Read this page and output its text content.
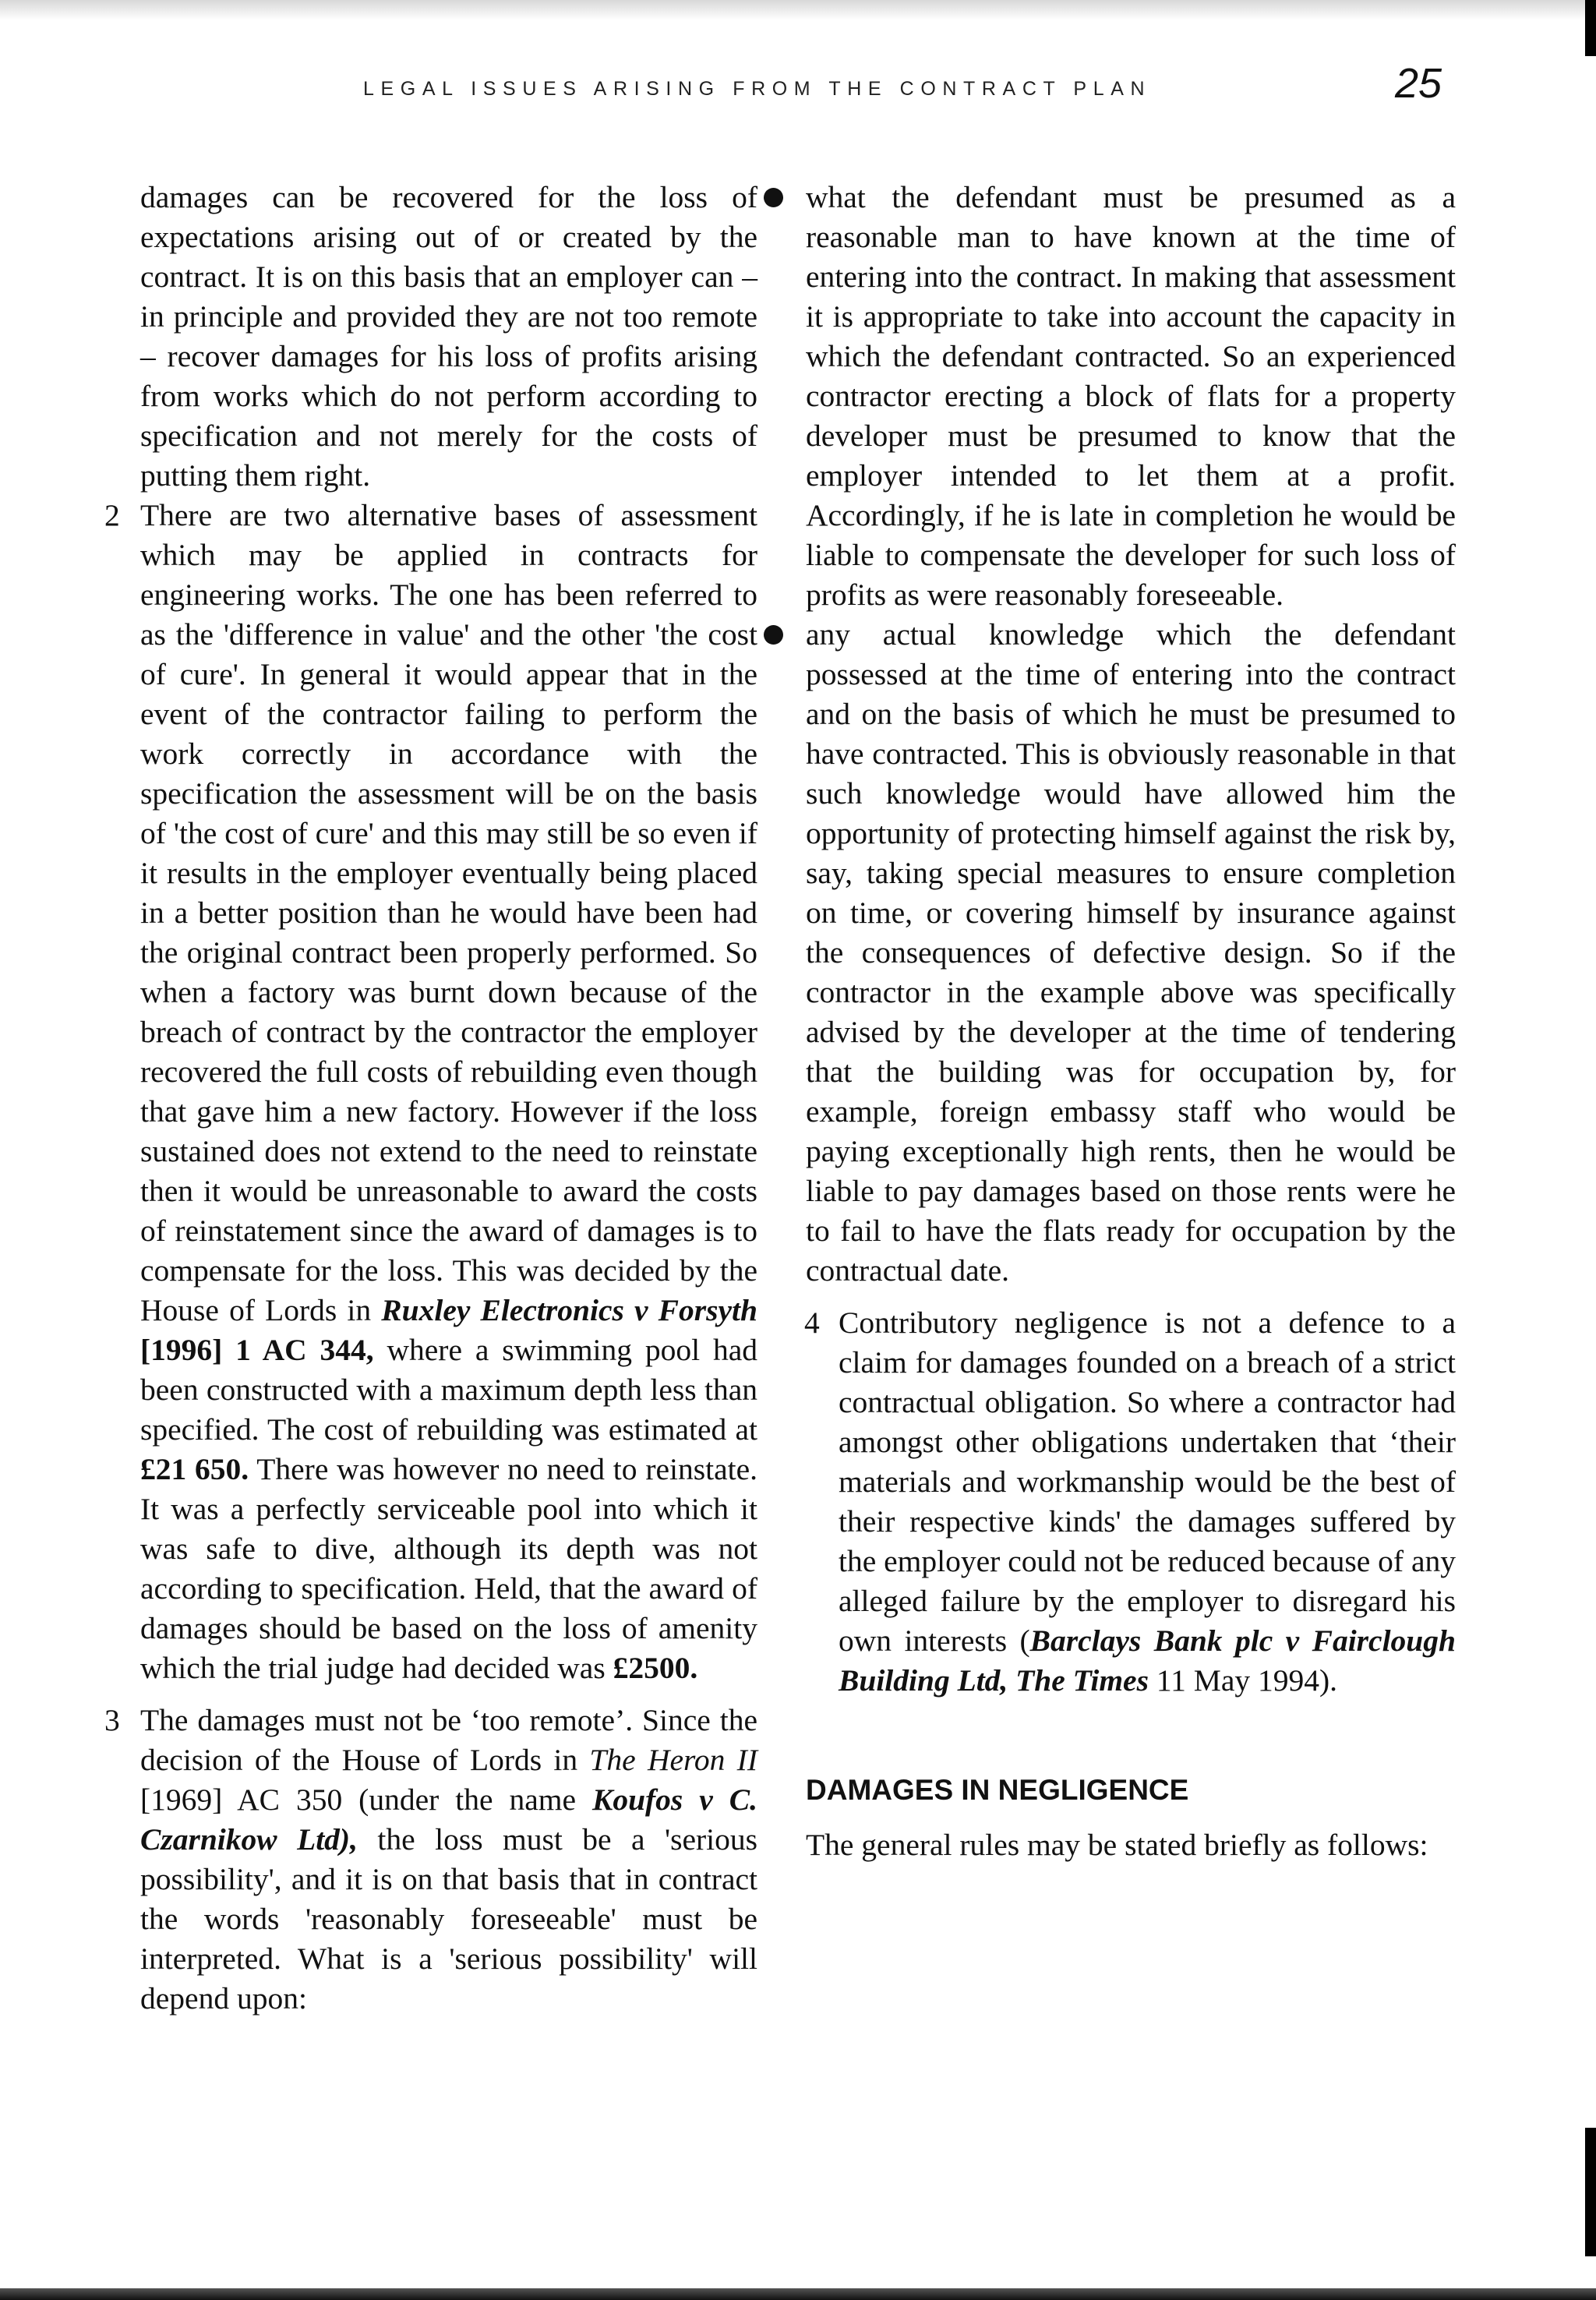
LEGAL ISSUES ARISING FROM THE CONTRACT PLAN	25

damages can be recovered for the loss of expectations arising out of or created by the contract. It is on this basis that an employer can – in principle and provided they are not too remote – recover damages for his loss of profits arising from works which do not perform according to specification and not merely for the costs of putting them right.

2 There are two alternative bases of assessment which may be applied in contracts for engineering works. The one has been referred to as the 'difference in value' and the other 'the cost of cure'. In general it would appear that in the event of the contractor failing to perform the work correctly in accordance with the specification the assessment will be on the basis of 'the cost of cure' and this may still be so even if it results in the employer eventually being placed in a better position than he would have been had the original contract been properly performed. So when a factory was burnt down because of the breach of contract by the contractor the employer recovered the full costs of rebuilding even though that gave him a new factory. However if the loss sustained does not extend to the need to reinstate then it would be unreasonable to award the costs of reinstatement since the award of damages is to compensate for the loss. This was decided by the House of Lords in Ruxley Electronics v Forsyth [1996] 1 AC 344, where a swimming pool had been constructed with a maximum depth less than specified. The cost of rebuilding was estimated at £21 650. There was however no need to reinstate. It was a perfectly serviceable pool into which it was safe to dive, although its depth was not according to specification. Held, that the award of damages should be based on the loss of amenity which the trial judge had decided was £2500.

3 The damages must not be ‘too remote’. Since the decision of the House of Lords in The Heron II [1969] AC 350 (under the name Koufos v C. Czarnikow Ltd), the loss must be a 'serious possibility', and it is on that basis that in contract the words 'reasonably foreseeable' must be interpreted. What is a 'serious possibility' will depend upon:

what the defendant must be presumed as a reasonable man to have known at the time of entering into the contract. In making that assessment it is appropriate to take into account the capacity in which the defendant contracted. So an experienced contractor erecting a block of flats for a property developer must be presumed to know that the employer intended to let them at a profit. Accordingly, if he is late in completion he would be liable to compensate the developer for such loss of profits as were reasonably foreseeable.

any actual knowledge which the defendant possessed at the time of entering into the contract and on the basis of which he must be presumed to have contracted. This is obviously reasonable in that such knowledge would have allowed him the opportunity of protecting himself against the risk by, say, taking special measures to ensure completion on time, or covering himself by insurance against the consequences of defective design. So if the contractor in the example above was specifically advised by the developer at the time of tendering that the building was for occupation by, for example, foreign embassy staff who would be paying exceptionally high rents, then he would be liable to pay damages based on those rents were he to fail to have the flats ready for occupation by the contractual date.

4 Contributory negligence is not a defence to a claim for damages founded on a breach of a strict contractual obligation. So where a contractor had amongst other obligations undertaken that ‘their materials and workmanship would be the best of their respective kinds' the damages suffered by the employer could not be reduced because of any alleged failure by the employer to disregard his own interests (Barclays Bank plc v Fairclough Building Ltd, The Times 11 May 1994).

DAMAGES IN NEGLIGENCE

The general rules may be stated briefly as follows:
